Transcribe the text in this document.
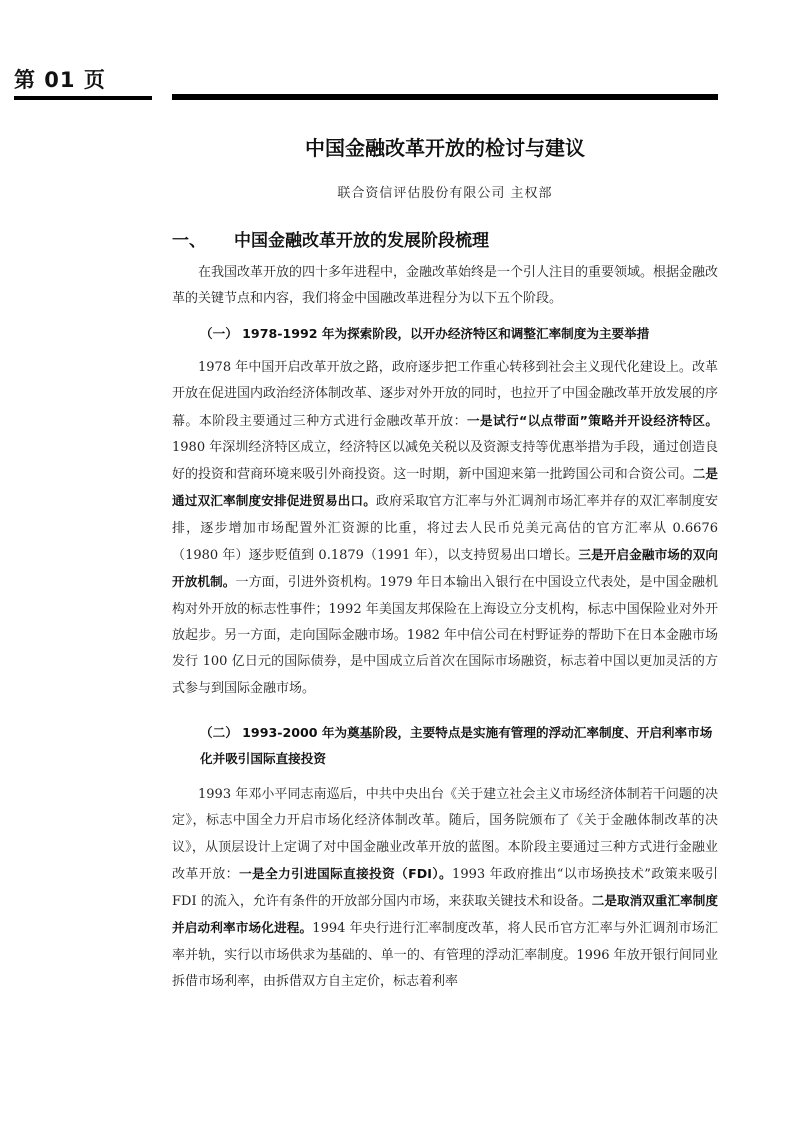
第 01 页
中国金融改革开放的检讨与建议
联合资信评估股份有限公司 主权部
一、 中国金融改革开放的发展阶段梳理

在我国改革开放的四十多年进程中，金融改革始终是一个引人注目的重要领域。根据金融改革的关键节点和内容，我们将金中国融改革进程分为以下五个阶段。

（一） 1978-1992 年为探索阶段，以开办经济特区和调整汇率制度为主要举措

1978 年中国开启改革开放之路，政府逐步把工作重心转移到社会主义现代化建设上。改革开放在促进国内政治经济体制改革、逐步对外开放的同时，也拉开了中国金融改革开放发展的序幕。本阶段主要通过三种方式进行金融改革开放：一是试行“以点带面”策略并开设经济特区。1980 年深圳经济特区成立，经济特区以减免关税以及资源支持等优惠举措为手段，通过创造良好的投资和营商环境来吸引外商投资。这一时期，新中国迎来第一批跨国公司和合资公司。二是通过双汇率制度安排促进贸易出口。政府采取官方汇率与外汇调剂市场汇率并存的双汇率制度安排，逐步增加市场配置外汇资源的比重，将过去人民币兑美元高估的官方汇率从 0.6676（1980 年）逐步贬值到 0.1879（1991 年），以支持贸易出口增长。三是开启金融市场的双向开放机制。一方面，引进外资机构。1979 年日本输出入银行在中国设立代表处，是中国金融机构对外开放的标志性事件；1992 年美国友邦保险在上海设立分支机构，标志中国保险业对外开放起步。另一方面，走向国际金融市场。1982 年中信公司在村野证券的帮助下在日本金融市场发行 100 亿日元的国际债券，是中国成立后首次在国际市场融资，标志着中国以更加灵活的方式参与到国际金融市场。

（二） 1993-2000 年为奠基阶段，主要特点是实施有管理的浮动汇率制度、开启利率市场化并吸引国际直接投资

1993 年邓小平同志南巡后，中共中央出台《关于建立社会主义市场经济体制若干问题的决定》，标志中国全力开启市场化经济体制改革。随后，国务院颁布了《关于金融体制改革的决议》，从顶层设计上定调了对中国金融业改革开放的蓝图。本阶段主要通过三种方式进行金融业改革开放：一是全力引进国际直接投资（FDI）。1993 年政府推出“以市场换技术”政策来吸引 FDI 的流入，允许有条件的开放部分国内市场，来获取关键技术和设备。二是取消双重汇率制度并启动利率市场化进程。1994 年央行进行汇率制度改革，将人民币官方汇率与外汇调剂市场汇率并轨，实行以市场供求为基础的、单一的、有管理的浮动汇率制度。1996 年放开银行间同业拆借市场利率，由拆借双方自主定价，标志着利率
